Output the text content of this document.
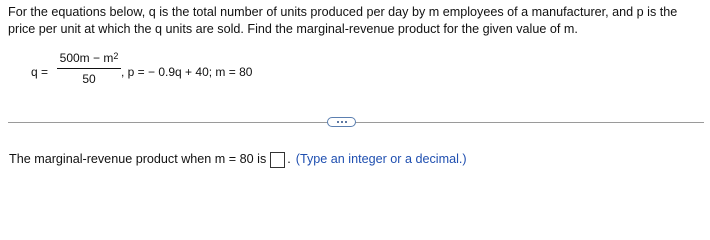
For the equations below, q is the total number of units produced per day by m employees of a manufacturer, and p is the price per unit at which the q units are sold. Find the marginal-revenue product for the given value of m.
q =
$500m - m^2$
50	, p = − 0.9q + 40; m = 80
The marginal-revenue product when m = 80 is . (Type an integer or a decimal.)
